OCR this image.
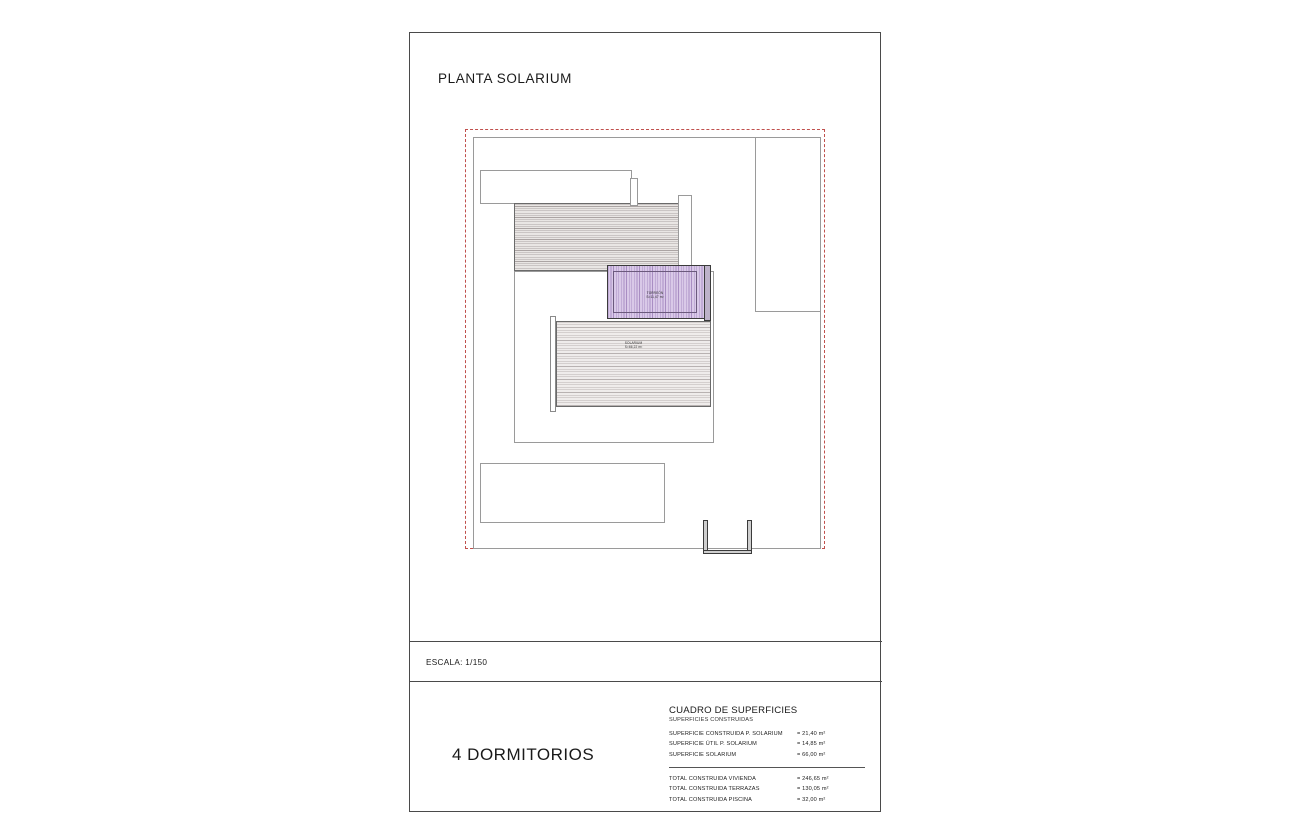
PLANTA SOLARIUM
TORREÓN
S=11,47 m²
SOLARIUM
S=66,22 m²
ESCALA: 1/150
4 DORMITORIOS
CUADRO DE SUPERFICIES
SUPERFICIES CONSTRUIDAS
SUPERFICIE CONSTRUIDA P. SOLARIUM	= 21,40 m²
SUPERFICIE ÚTIL P. SOLARIUM	= 14,85 m²
SUPERFICIE SOLARIUM	= 66,00 m²
TOTAL CONSTRUIDA VIVIENDA	= 246,65 m²
TOTAL CONSTRUIDA TERRAZAS	= 130,05 m²
TOTAL CONSTRUIDA PISCINA	= 32,00 m²
